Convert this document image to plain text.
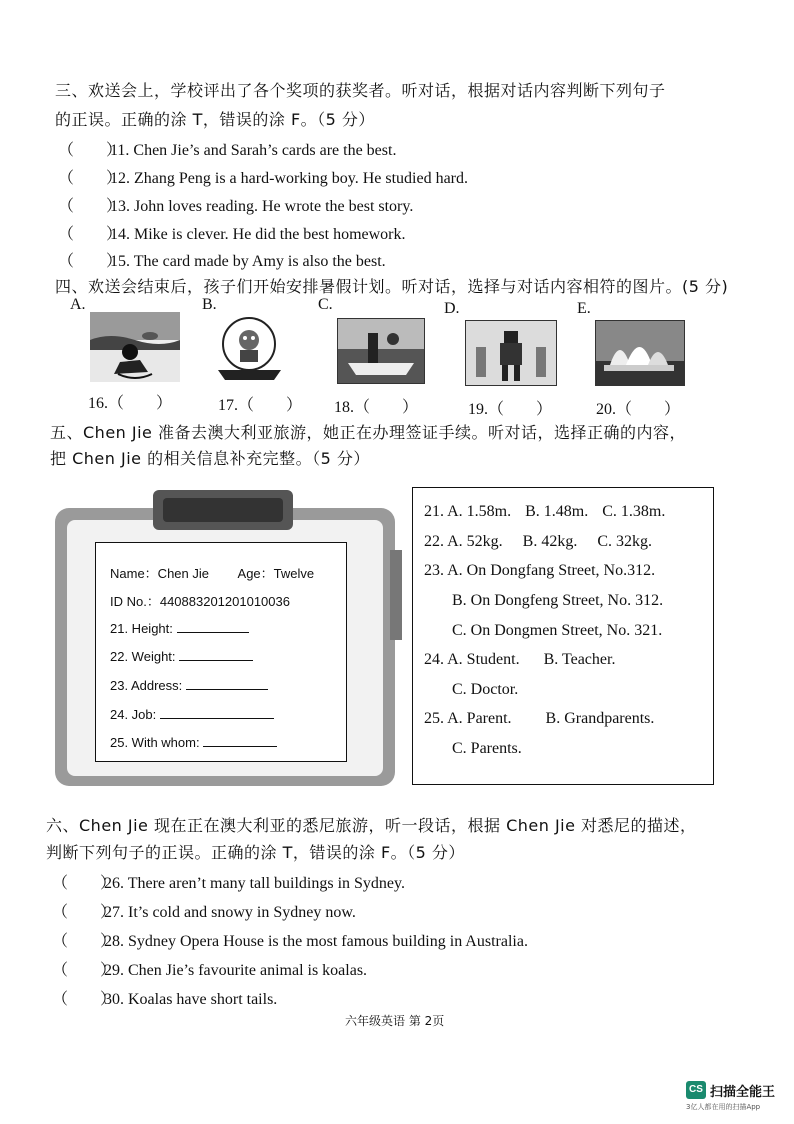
三、欢送会上，学校评出了各个奖项的获奖者。听对话，根据对话内容判断下列句子
的正误。正确的涂 T，错误的涂 F。（5 分）
（　　）11. Chen Jie’s and Sarah’s cards are the best.
（　　）12. Zhang Peng is a hard-working boy. He studied hard.
（　　）13. John loves reading. He wrote the best story.
（　　）14. Mike is clever. He did the best homework.
（　　）15. The card made by Amy is also the best.
四、欢送会结束后，孩子们开始安排暑假计划。听对话，选择与对话内容相符的图片。(5 分)
A.	B.	C.	D.	E.
16.（　　）	17.（　　） 18.（　　）	19.（　　）	20.（　　）
五、Chen Jie 准备去澳大利亚旅游，她正在办理签证手续。听对话，选择正确的内容，
把 Chen Jie 的相关信息补充完整。（5 分）
Name：Chen Jie Age：Twelve
ID No.：440883201201010036
21. Height:
22. Weight:
23. Address:
24. Job:
25. With whom:
21. A. 1.58m. B. 1.48m. C. 1.38m.
22. A. 52kg. B. 42kg. C. 32kg.
23. A. On Dongfang Street, No.312.
B. On Dongfeng Street, No. 312.
C. On Dongmen Street, No. 321.
24. A. Student. B. Teacher.
C. Doctor.
25. A. Parent. B. Grandparents.
C. Parents.
六、Chen Jie 现在正在澳大利亚的悉尼旅游，听一段话，根据 Chen Jie 对悉尼的描述，
判断下列句子的正误。正确的涂 T，错误的涂 F。（5 分）
（　　）26. There aren’t many tall buildings in Sydney.
（　　）27. It’s cold and snowy in Sydney now.
（　　）28. Sydney Opera House is the most famous building in Australia.
（　　）29. Chen Jie’s favourite animal is koalas.
（　　）30. Koalas have short tails.
六年级英语 第 2页
CS 扫描全能王
3亿人都在用的扫描App
